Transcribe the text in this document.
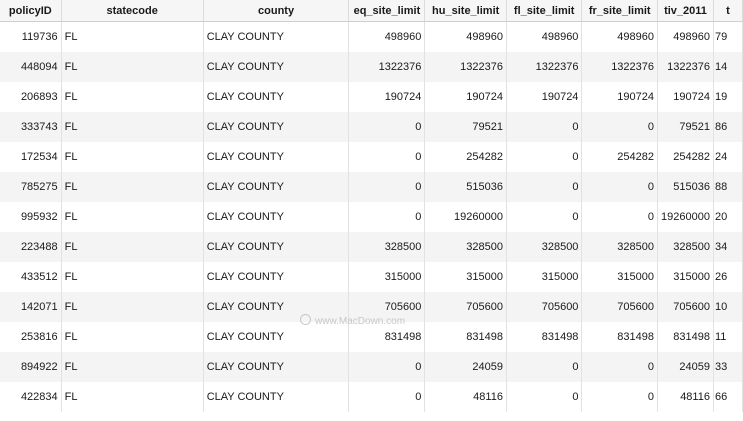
policyID	statecode	county	eq_site_limit	hu_site_limit	fl_site_limit	fr_site_limit	tiv_2011	t
119736	FL	CLAY COUNTY	498960	498960	498960	498960	498960	79
448094	FL	CLAY COUNTY	1322376	1322376	1322376	1322376	1322376	14
206893	FL	CLAY COUNTY	190724	190724	190724	190724	190724	19
333743	FL	CLAY COUNTY	0	79521	0	0	79521	86
172534	FL	CLAY COUNTY	0	254282	0	254282	254282	24
785275	FL	CLAY COUNTY	0	515036	0	0	515036	88
995932	FL	CLAY COUNTY	0	19260000	0	0	19260000	20
223488	FL	CLAY COUNTY	328500	328500	328500	328500	328500	34
433512	FL	CLAY COUNTY	315000	315000	315000	315000	315000	26
142071	FL	CLAY COUNTY	705600	705600	705600	705600	705600	10
253816	FL	CLAY COUNTY	831498	831498	831498	831498	831498	11
894922	FL	CLAY COUNTY	0	24059	0	0	24059	33
422834	FL	CLAY COUNTY	0	48116	0	0	48116	66
www.MacDown.com
